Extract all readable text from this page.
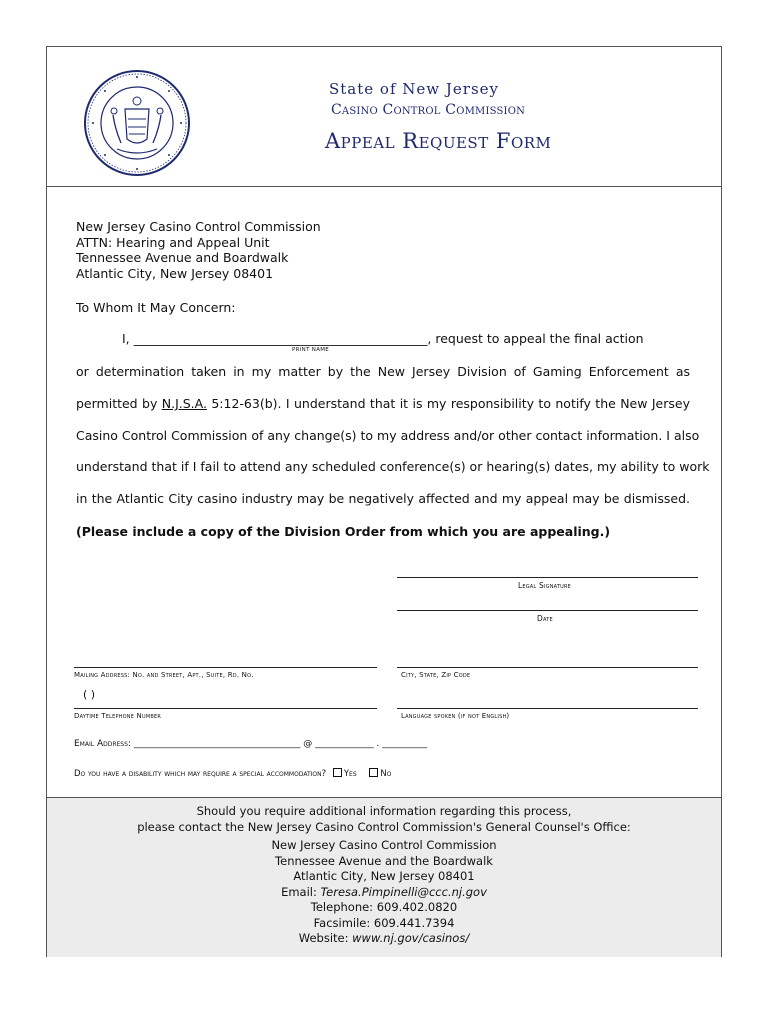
State of New Jersey
Casino Control Commission
Appeal Request Form
New Jersey Casino Control Commission
ATTN: Hearing and Appeal Unit
Tennessee Avenue and Boardwalk
Atlantic City, New Jersey 08401
To Whom It May Concern:
I, _______________________________________________, request to appeal the final action
PRINT NAME
or determination taken in my matter by the New Jersey Division of Gaming Enforcement as
permitted by N.J.S.A. 5:12-63(b). I understand that it is my responsibility to notify the New Jersey
Casino Control Commission of any change(s) to my address and/or other contact information. I also
understand that if I fail to attend any scheduled conference(s) or hearing(s) dates, my ability to work
in the Atlantic City casino industry may be negatively affected and my appeal may be dismissed.
(Please include a copy of the Division Order from which you are appealing.)
Legal Signature
Date
Mailing Address: No. and Street, Apt., Suite, Rd. No.	City, State, Zip Code
( )
Daytime Telephone Number	Language spoken (if not English)
Email Address: _____________________________________ @ _____________ . __________
Do you have a disability which may require a special accommodation? Yes	No
Should you require additional information regarding this process,
please contact the New Jersey Casino Control Commission's General Counsel's Office:
New Jersey Casino Control Commission
Tennessee Avenue and the Boardwalk
Atlantic City, New Jersey 08401
Email: Teresa.Pimpinelli@ccc.nj.gov
Telephone: 609.402.0820
Facsimile: 609.441.7394
Website: www.nj.gov/casinos/
